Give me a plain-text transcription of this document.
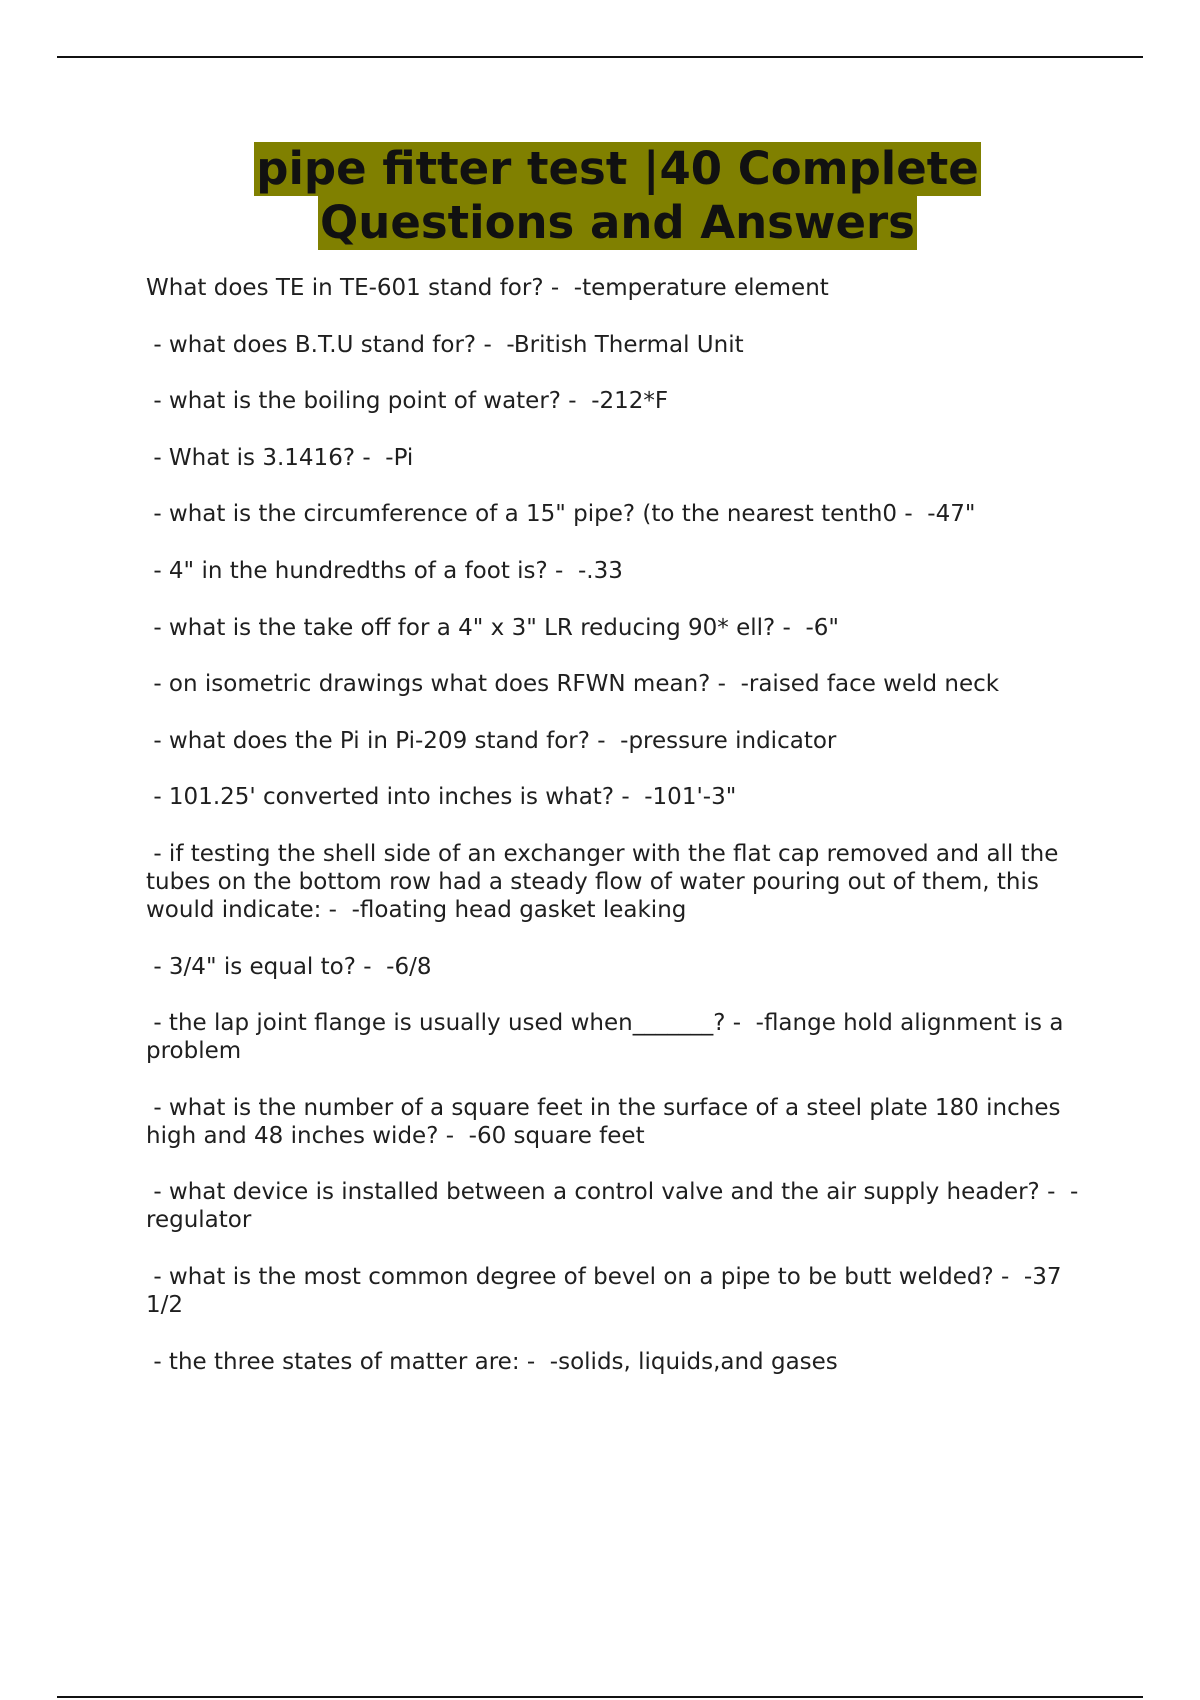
pipe fitter test |40 Complete
Questions and Answers
What does TE in TE-601 stand for? -  -temperature element
- what does B.T.U stand for? -  -British Thermal Unit
- what is the boiling point of water? -  -212*F
- What is 3.1416? -  -Pi
- what is the circumference of a 15" pipe? (to the nearest tenth0 -  -47"
- 4" in the hundredths of a foot is? -  -.33
- what is the take off for a 4" x 3" LR reducing 90* ell? -  -6"
- on isometric drawings what does RFWN mean? -  -raised face weld neck
- what does the Pi in Pi-209 stand for? -  -pressure indicator
- 101.25' converted into inches is what? -  -101'-3"
- if testing the shell side of an exchanger with the flat cap removed and all the tubes on the bottom row had a steady flow of water pouring out of them, this would indicate: -  -floating head gasket leaking
- 3/4" is equal to? -  -6/8
- the lap joint flange is usually used when_______? -  -flange hold alignment is a problem
- what is the number of a square feet in the surface of a steel plate 180 inches high and 48 inches wide? -  -60 square feet
- what device is installed between a control valve and the air supply header? -  -regulator
- what is the most common degree of bevel on a pipe to be butt welded? -  -37 1/2
- the three states of matter are: -  -solids, liquids,and gases
